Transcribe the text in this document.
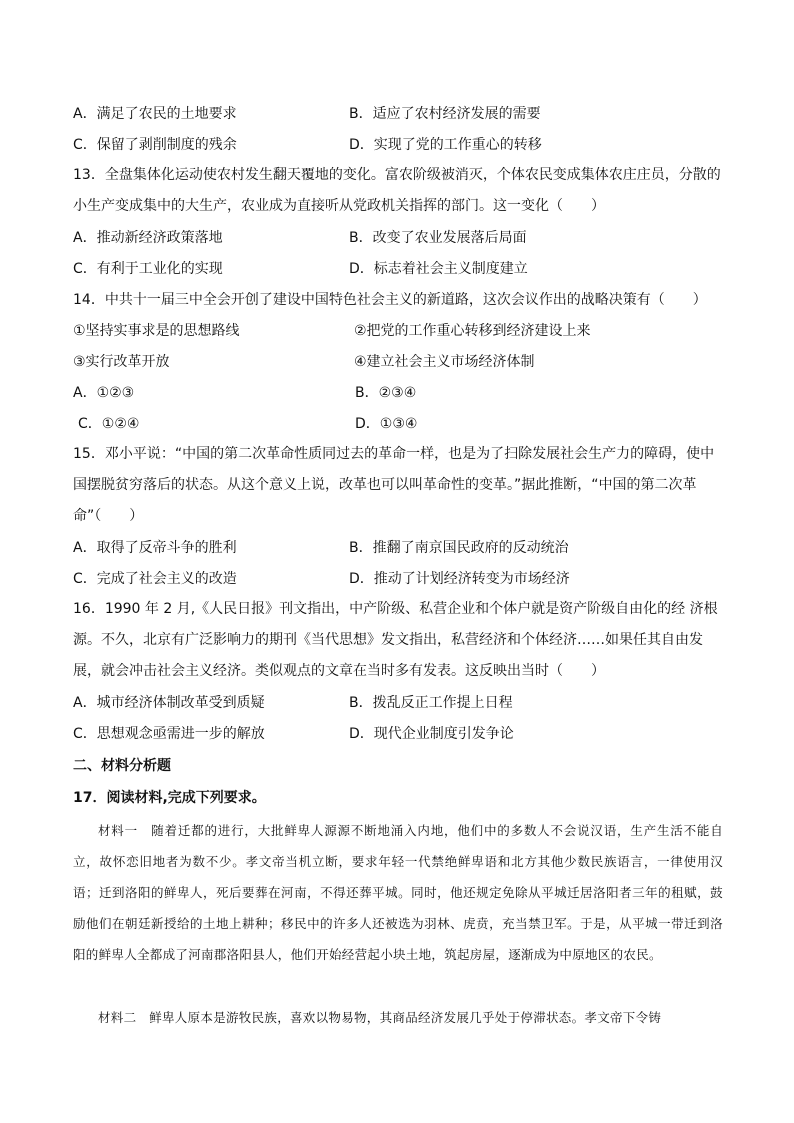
A．满足了农民的土地要求	B．适应了农村经济发展的需要
C．保留了剥削制度的残余	D．实现了党的工作重心的转移
13．全盘集体化运动使农村发生翻天覆地的变化。富农阶级被消灭，个体农民变成集体农庄庄员，分散的小生产变成集中的大生产，农业成为直接听从党政机关指挥的部门。这一变化（　　）
A．推动新经济政策落地	B．改变了农业发展落后局面
C．有利于工业化的实现	D．标志着社会主义制度建立
14．中共十一届三中全会开创了建设中国特色社会主义的新道路，这次会议作出的战略决策有（　　）
①坚持实事求是的思想路线	②把党的工作重心转移到经济建设上来
③实行改革开放	④建立社会主义市场经济体制
A．①②③	B．②③④
C．①②④	D．①③④
15．邓小平说：“中国的第二次革命性质同过去的革命一样，也是为了扫除发展社会生产力的障碍，使中国摆脱贫穷落后的状态。从这个意义上说，改革也可以叫革命性的变革。”据此推断，“中国的第二次革命”（　　）
A．取得了反帝斗争的胜利	B．推翻了南京国民政府的反动统治
C．完成了社会主义的改造	D．推动了计划经济转变为市场经济
16．1990 年 2 月,《人民日报》刊文指出，中产阶级、私营企业和个体户就是资产阶级自由化的经 济根源。不久，北京有广泛影响力的期刊《当代思想》发文指出，私营经济和个体经济……如果任其自由发展，就会冲击社会主义经济。类似观点的文章在当时多有发表。这反映出当时（　　）
A．城市经济体制改革受到质疑	B．拨乱反正工作提上日程
C．思想观念亟需进一步的解放	D．现代企业制度引发争论
二、材料分析题
17．阅读材料,完成下列要求。
材料一　随着迁都的进行，大批鲜卑人源源不断地涌入内地，他们中的多数人不会说汉语，生产生活不能自立，故怀恋旧地者为数不少。孝文帝当机立断，要求年轻一代禁绝鲜卑语和北方其他少数民族语言，一律使用汉语；迁到洛阳的鲜卑人，死后要葬在河南，不得还葬平城。同时，他还规定免除从平城迁居洛阳者三年的租赋，鼓励他们在朝廷新授给的土地上耕种；移民中的许多人还被选为羽林、虎贲，充当禁卫军。于是，从平城一带迁到洛阳的鲜卑人全都成了河南郡洛阳县人，他们开始经营起小块土地，筑起房屋，逐渐成为中原地区的农民。
材料二　鲜卑人原本是游牧民族，喜欢以物易物，其商品经济发展几乎处于停滞状态。孝文帝下令铸
